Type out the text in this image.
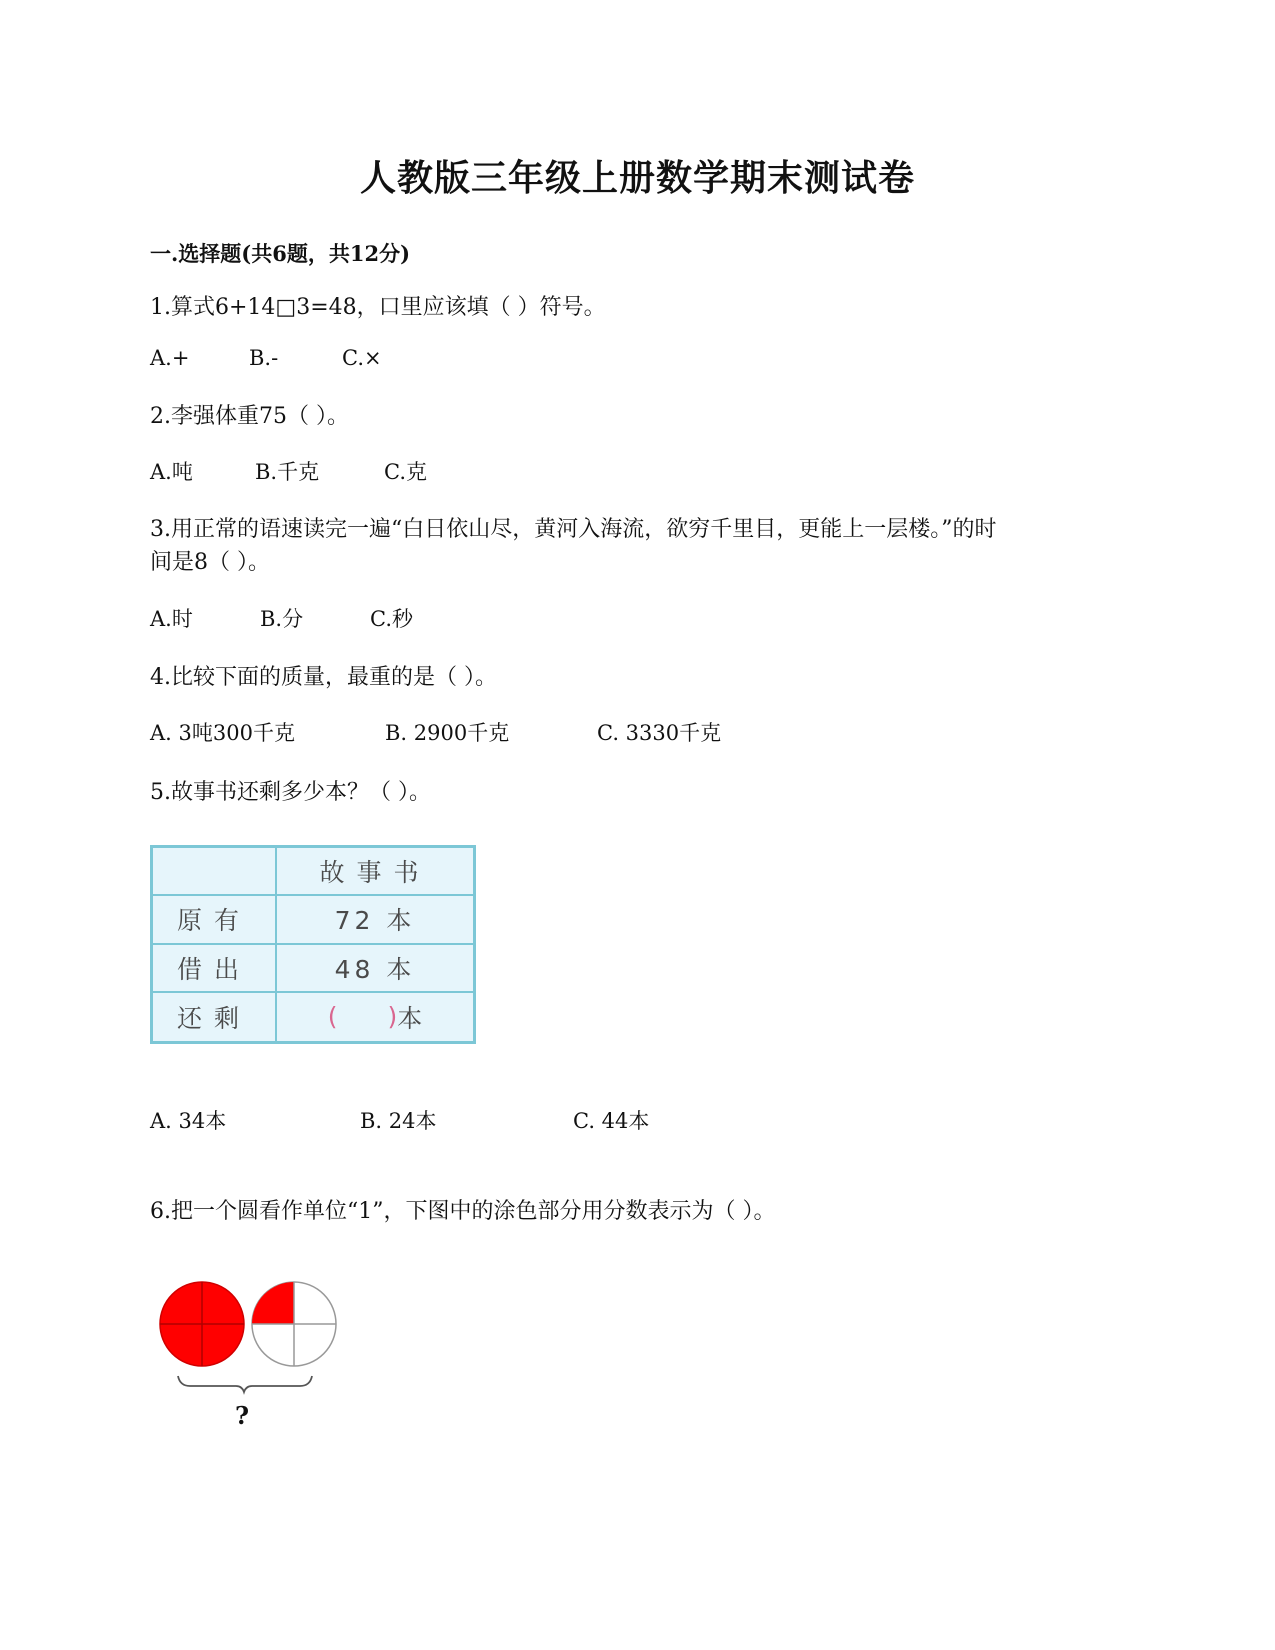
人教版三年级上册数学期末测试卷
一.选择题(共6题，共12分)
1.算式6+14□3=48，口里应该填（ ）符号。
A.+	B.-	C.×
2.李强体重75（ ）。
A.吨	B.千克	C.克
3.用正常的语速读完一遍“白日依山尽，黄河入海流，欲穷千里目，更能上一层楼。”的时
间是8（ ）。
A.时	B.分	C.秒
4.比较下面的质量，最重的是（ ）。
A. 3吨300千克	B. 2900千克	C. 3330千克
5.故事书还剩多少本？（ ）。
故事书
原有	72 本
借出	48 本
还剩	( ) 本
A. 34本	B. 24本	C. 44本
6.把一个圆看作单位“1”，下图中的涂色部分用分数表示为（ ）。
?
